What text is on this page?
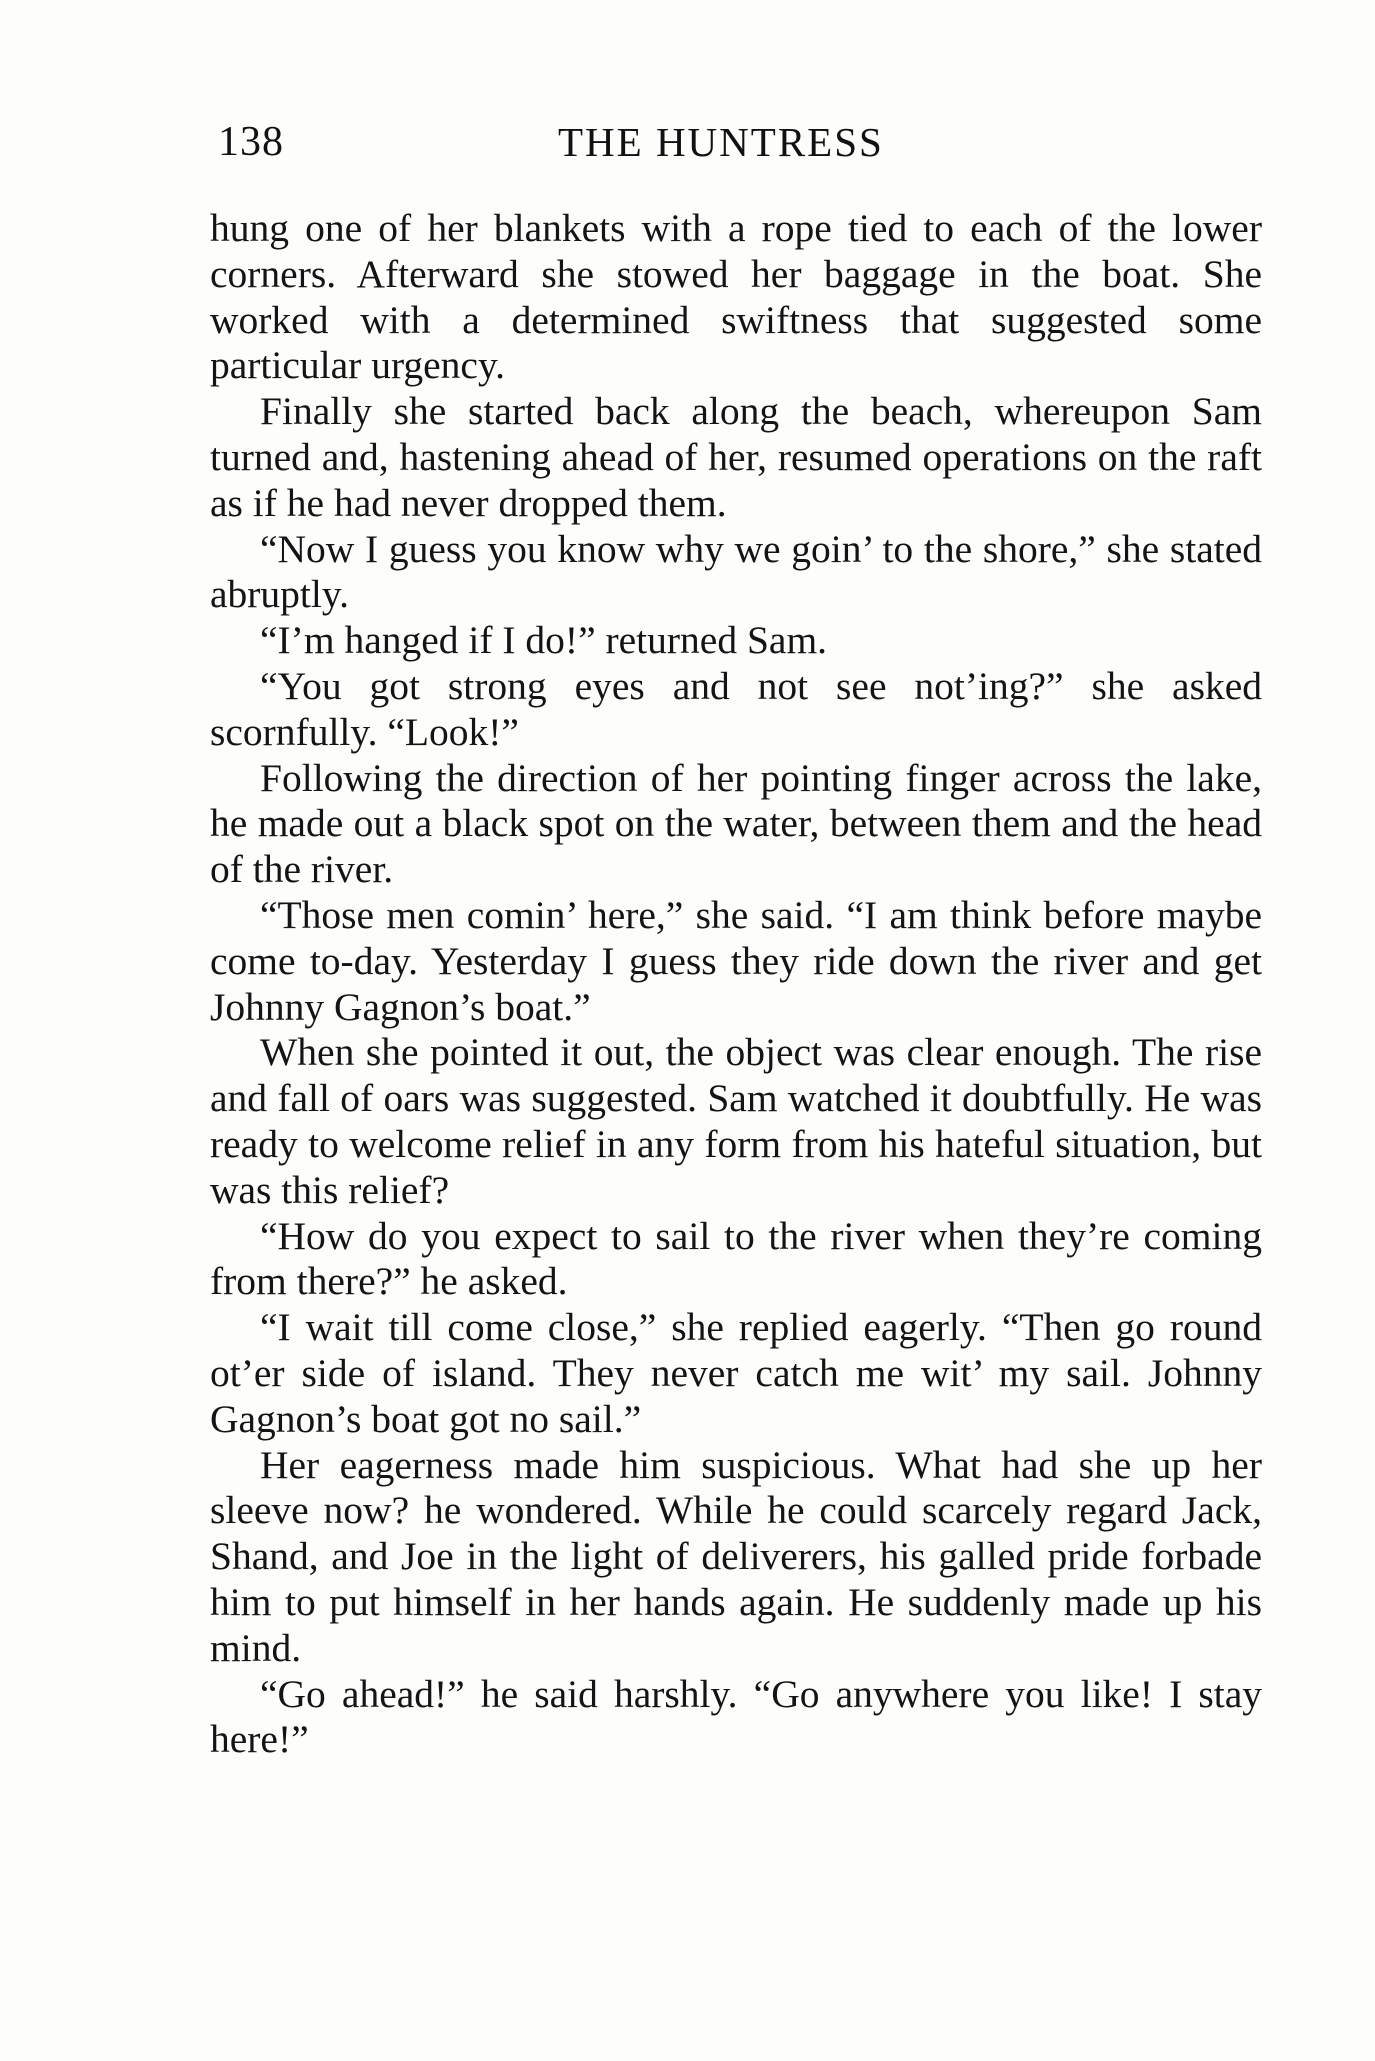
138	THE HUNTRESS

hung one of her blankets with a rope tied to each of the lower corners. Afterward she stowed her baggage in the boat. She worked with a determined swiftness that suggested some particular urgency.

Finally she started back along the beach, whereupon Sam turned and, hastening ahead of her, resumed operations on the raft as if he had never dropped them.

“Now I guess you know why we goin’ to the shore,” she stated abruptly.

“I’m hanged if I do!” returned Sam.

“You got strong eyes and not see not’ing?” she asked scornfully. “Look!”

Following the direction of her pointing finger across the lake, he made out a black spot on the water, between them and the head of the river.

“Those men comin’ here,” she said. “I am think before maybe come to-day. Yesterday I guess they ride down the river and get Johnny Gagnon’s boat.”

When she pointed it out, the object was clear enough. The rise and fall of oars was suggested. Sam watched it doubtfully. He was ready to welcome relief in any form from his hateful situation, but was this relief?

“How do you expect to sail to the river when they’re coming from there?” he asked.

“I wait till come close,” she replied eagerly. “Then go round ot’er side of island. They never catch me wit’ my sail. Johnny Gagnon’s boat got no sail.”

Her eagerness made him suspicious. What had she up her sleeve now? he wondered. While he could scarcely regard Jack, Shand, and Joe in the light of deliverers, his galled pride forbade him to put himself in her hands again. He suddenly made up his mind.

“Go ahead!” he said harshly. “Go anywhere you like! I stay here!”
